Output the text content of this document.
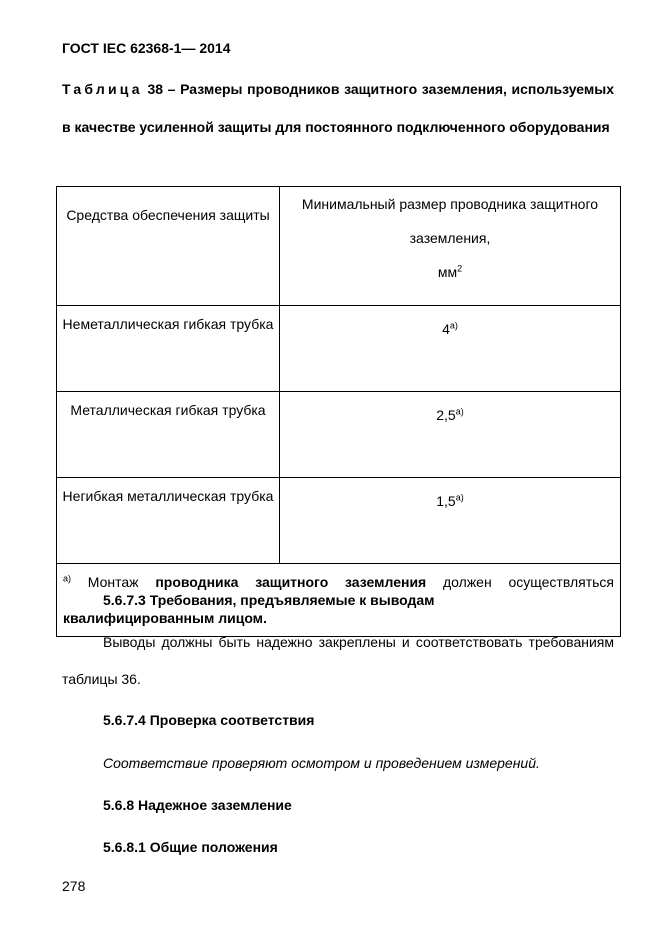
ГОСТ IEC 62368-1— 2014
Таблица 38 – Размеры проводников защитного заземления, используемых в качестве усиленной защиты для постоянного подключенного оборудования
Средства обеспечения защиты	Минимальный размер проводника защитного заземления,
$мм^2$
Неметаллическая гибкая трубка	$4^{а)}$
Металлическая гибкая трубка	$2,5^{а)}$
Негибкая металлическая трубка	$1,5^{а)}$
$^{а)}$ Монтаж проводника защитного заземления должен осуществляться квалифицированным лицом.	
5.6.7.3 Требования, предъявляемые к выводам
Выводы должны быть надежно закреплены и соответствовать требованиям таблицы 36.
5.6.7.4 Проверка соответствия
Соответствие проверяют осмотром и проведением измерений.
5.6.8 Надежное заземление
5.6.8.1 Общие положения
278
